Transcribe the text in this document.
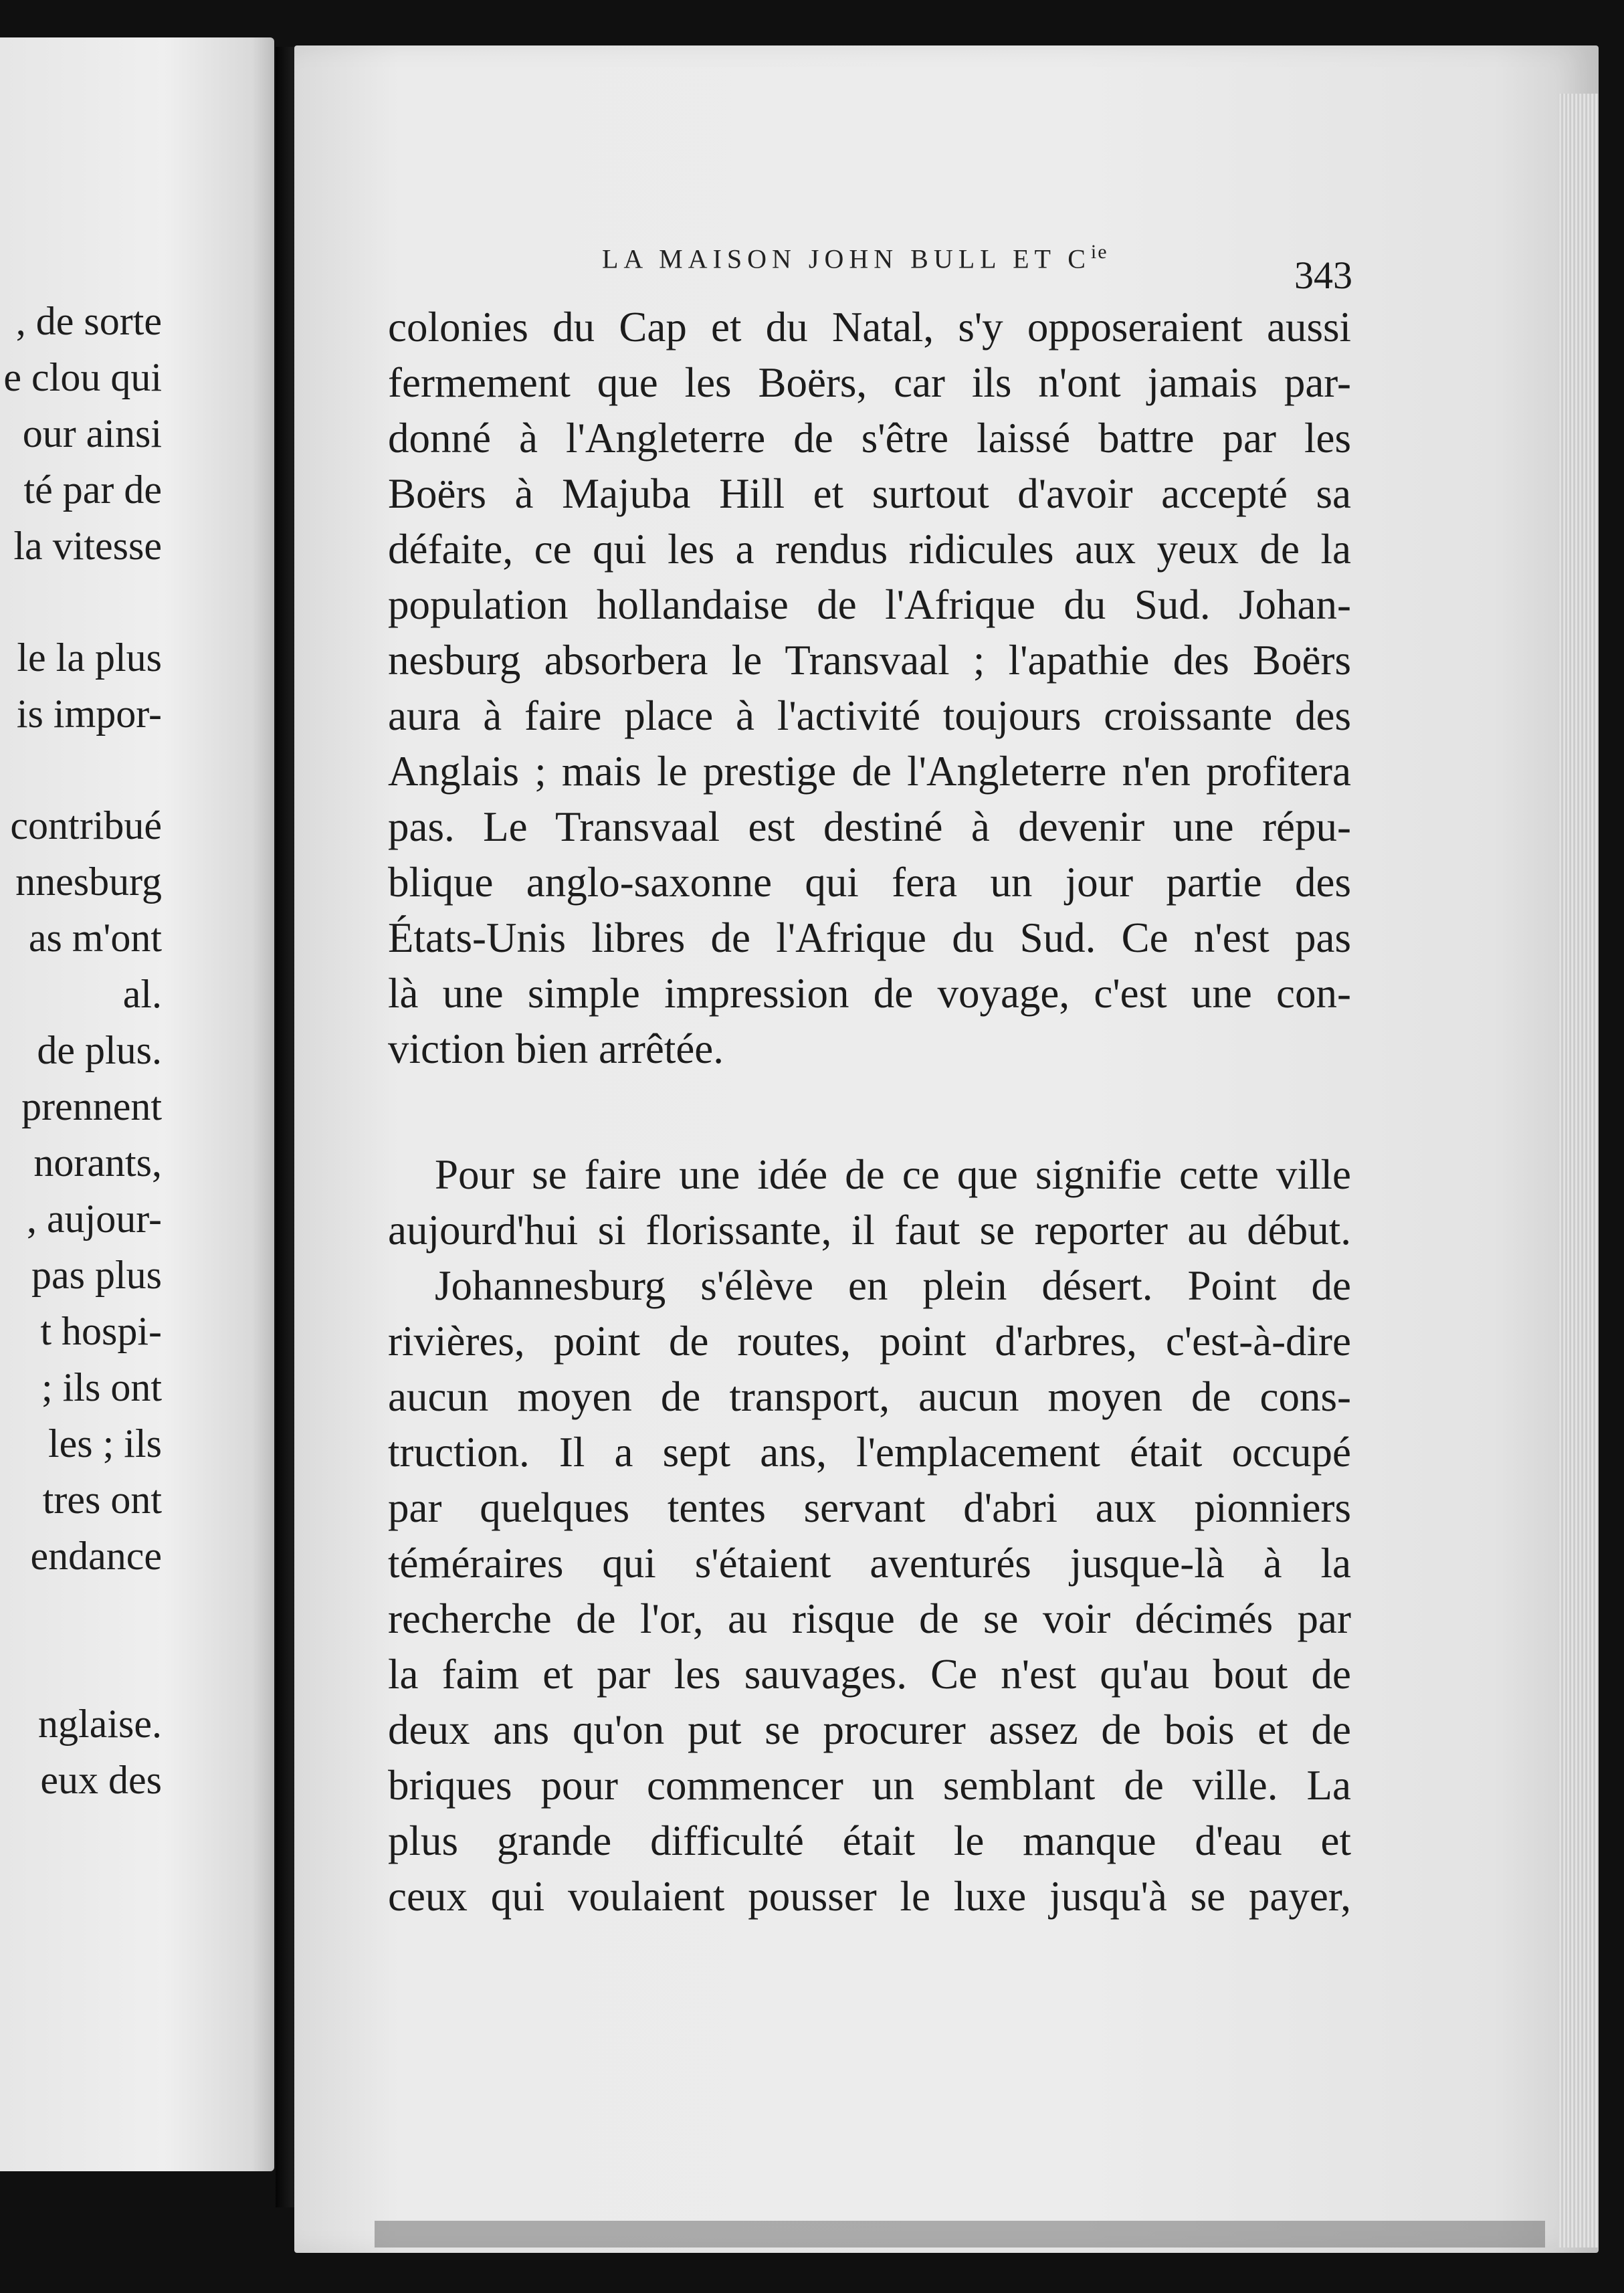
, de sorte
e clou qui
our ainsi
té par de
la vitesse
le la plus
is impor-
contribué
nnesburg
as m'ont
al.
de plus.
prennent
norants,
, aujour-
pas plus
t hospi-
; ils ont
les ; ils
tres ont
endance
nglaise.
eux des
LA MAISON JOHN BULL ET $C^{ie}$
343
colonies du Cap et du Natal, s'y opposeraient aussi
fermement que les Boërs, car ils n'ont jamais par-
donné à l'Angleterre de s'être laissé battre par les
Boërs à Majuba Hill et surtout d'avoir accepté sa
défaite, ce qui les a rendus ridicules aux yeux de la
population hollandaise de l'Afrique du Sud. Johan-
nesburg absorbera le Transvaal ; l'apathie des Boërs
aura à faire place à l'activité toujours croissante des
Anglais ; mais le prestige de l'Angleterre n'en profitera
pas. Le Transvaal est destiné à devenir une répu-
blique anglo-saxonne qui fera un jour partie des
États-Unis libres de l'Afrique du Sud. Ce n'est pas
là une simple impression de voyage, c'est une con-
viction bien arrêtée.
Pour se faire une idée de ce que signifie cette ville
aujourd'hui si florissante, il faut se reporter au début.
Johannesburg s'élève en plein désert. Point de
rivières, point de routes, point d'arbres, c'est-à-dire
aucun moyen de transport, aucun moyen de cons-
truction. Il a sept ans, l'emplacement était occupé
par quelques tentes servant d'abri aux pionniers
téméraires qui s'étaient aventurés jusque-là à la
recherche de l'or, au risque de se voir décimés par
la faim et par les sauvages. Ce n'est qu'au bout de
deux ans qu'on put se procurer assez de bois et de
briques pour commencer un semblant de ville. La
plus grande difficulté était le manque d'eau et
ceux qui voulaient pousser le luxe jusqu'à se payer,
